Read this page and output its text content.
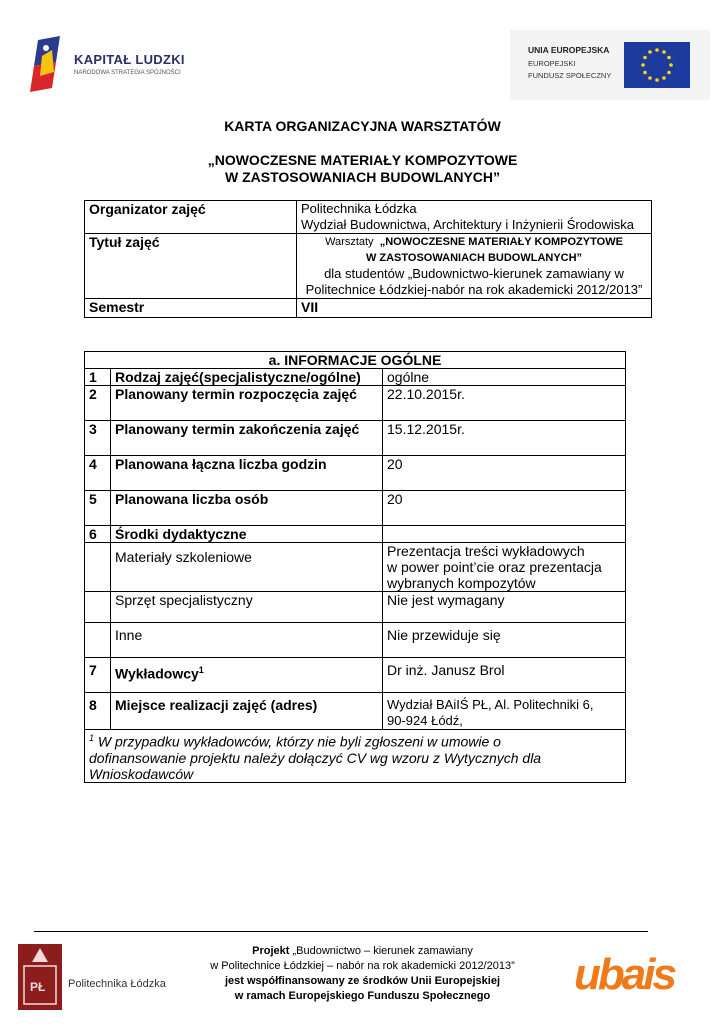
KAPITAŁ LUDZKI
NARODOWA STRATEGIA SPÓJNOŚCI
UNIA EUROPEJSKA
EUROPEJSKI
FUNDUSZ SPOŁECZNY
KARTA ORGANIZACYJNA WARSZTATÓW
„NOWOCZESNE MATERIAŁY KOMPOZYTOWE
W ZASTOSOWANIACH BUDOWLANYCH”
Organizator zajęć	Politechnika Łódzka
Wydział Budownictwa, Architektury i Inżynierii Środowiska

Tytuł zajęć	Warsztaty „NOWOCZESNE MATERIAŁY KOMPOZYTOWE
W ZASTOSOWANIACH BUDOWLANYCH”
dla studentów „Budownictwo-kierunek zamawiany w
Politechnice Łódzkiej-nabór na rok akademicki 2012/2013”

Semestr	VII
a. INFORMACJE OGÓLNE		
1	Rodzaj zajęć(specjalistyczne/ogólne)	ogólne
2	Planowany termin rozpoczęcia zajęć	22.10.2015r.
3	Planowany termin zakończenia zajęć	15.12.2015r.
4	Planowana łączna liczba godzin	20
5	Planowana liczba osób	20
6	Środki dydaktyczne	
	Materiały szkoleniowe	Prezentacja treści wykładowych
w power point’cie oraz prezentacja
wybranych kompozytów

	Sprzęt specjalistyczny	Nie jest wymagany
	Inne	Nie przewiduje się
7	Wykładowcy$^1$	Dr inż. Janusz Brol
8	Miejsce realizacji zajęć (adres)	Wydział BAiIŚ PŁ, Al. Politechniki 6,
90-924 Łódź,

$^1$ W przypadku wykładowców, którzy nie byli zgłoszeni w umowie o
dofinansowanie projektu należy dołączyć CV wg wzoru z Wytycznych dla
Wnioskodawców		
PŁ Politechnika Łódzka
Projekt „Budownictwo – kierunek zamawiany
w Politechnice Łódzkiej – nabór na rok akademicki 2012/2013”
jest współfinansowany ze środków Unii Europejskiej
w ramach Europejskiego Funduszu Społecznego	ubais
